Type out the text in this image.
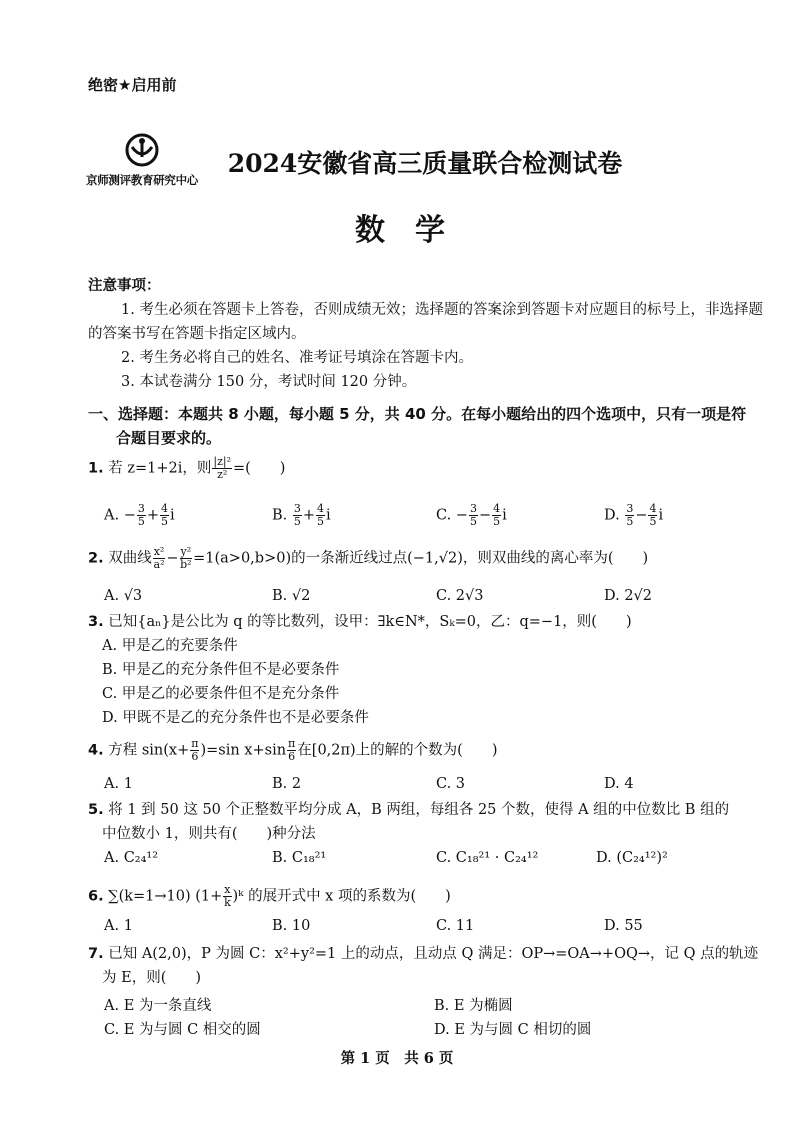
绝密★启用前
京师测评教育研究中心
2024安徽省高三质量联合检测试卷
数学
注意事项：
1. 考生必须在答题卡上答卷，否则成绩无效；选择题的答案涂到答题卡对应题目的标号上，非选择题的答案书写在答题卡指定区域内。
2. 考生务必将自己的姓名、准考证号填涂在答题卡内。
3. 本试卷满分 150 分，考试时间 120 分钟。
一、选择题：本题共 8 小题，每小题 5 分，共 40 分。在每小题给出的四个选项中，只有一项是符
合题目要求的。
1. 若 z=1+2i，则 $\frac{\text{|z|²}}{\text{z²}}$ =(　　)
A. − $\frac{3}{5} + \frac{4}{5}$ i	B. $\frac{3}{5} + \frac{4}{5}$ i	C. − $\frac{3}{5} - \frac{4}{5}$ i	D. $\frac{3}{5} - \frac{4}{5}$ i
2. 双曲线 $\frac{\text{x²}}{\text{a²}} - \frac{\text{y²}}{\text{b²}} =1(a>0,b>0)$的一条渐近线过点(−1,√2)，则双曲线的离心率为(　　)
A. √3	B. √2	C. 2√3	D. 2√2
3. 已知{aₙ}是公比为 q 的等比数列，设甲：∃k∈N*，Sₖ=0，乙：q=−1，则(　　)
A. 甲是乙的充要条件
B. 甲是乙的充分条件但不是必要条件
C. 甲是乙的必要条件但不是充分条件
D. 甲既不是乙的充分条件也不是必要条件
4. 方程 $\sin(x+ \frac{\pi}{6} )=\sin$ $x+\sin \frac{\pi}{6}$ 在[0,2π)上的解的个数为(　　)
A. 1	B. 2	C. 3	D. 4
5. 将 1 到 50 这 50 个正整数平均分成 A，B 两组，每组各 25 个数，使得 A 组的中位数比 B 组的
中位数小 1，则共有(　　)种分法
A. C₂₄¹²	B. C₁₈²¹	C. C₁₈²¹ · C₂₄¹²	D. (C₂₄¹²)²
6. ∑(k=1→10) ($1+ \frac{x}{k}$ )ᵏ 的展开式中 x 项的系数为(　　)
A. 1	B. 10	C. 11	D. 55
7. 已知 A(2,0)，P 为圆 C：x²+y²=1 上的动点，且动点 Q 满足：OP→=OA→+OQ→，记 Q 点的轨迹
为 E，则(　　)
A. E 为一条直线	B. E 为椭圆
C. E 为与圆 C 相交的圆	D. E 为与圆 C 相切的圆
第 1 页　共 6 页
